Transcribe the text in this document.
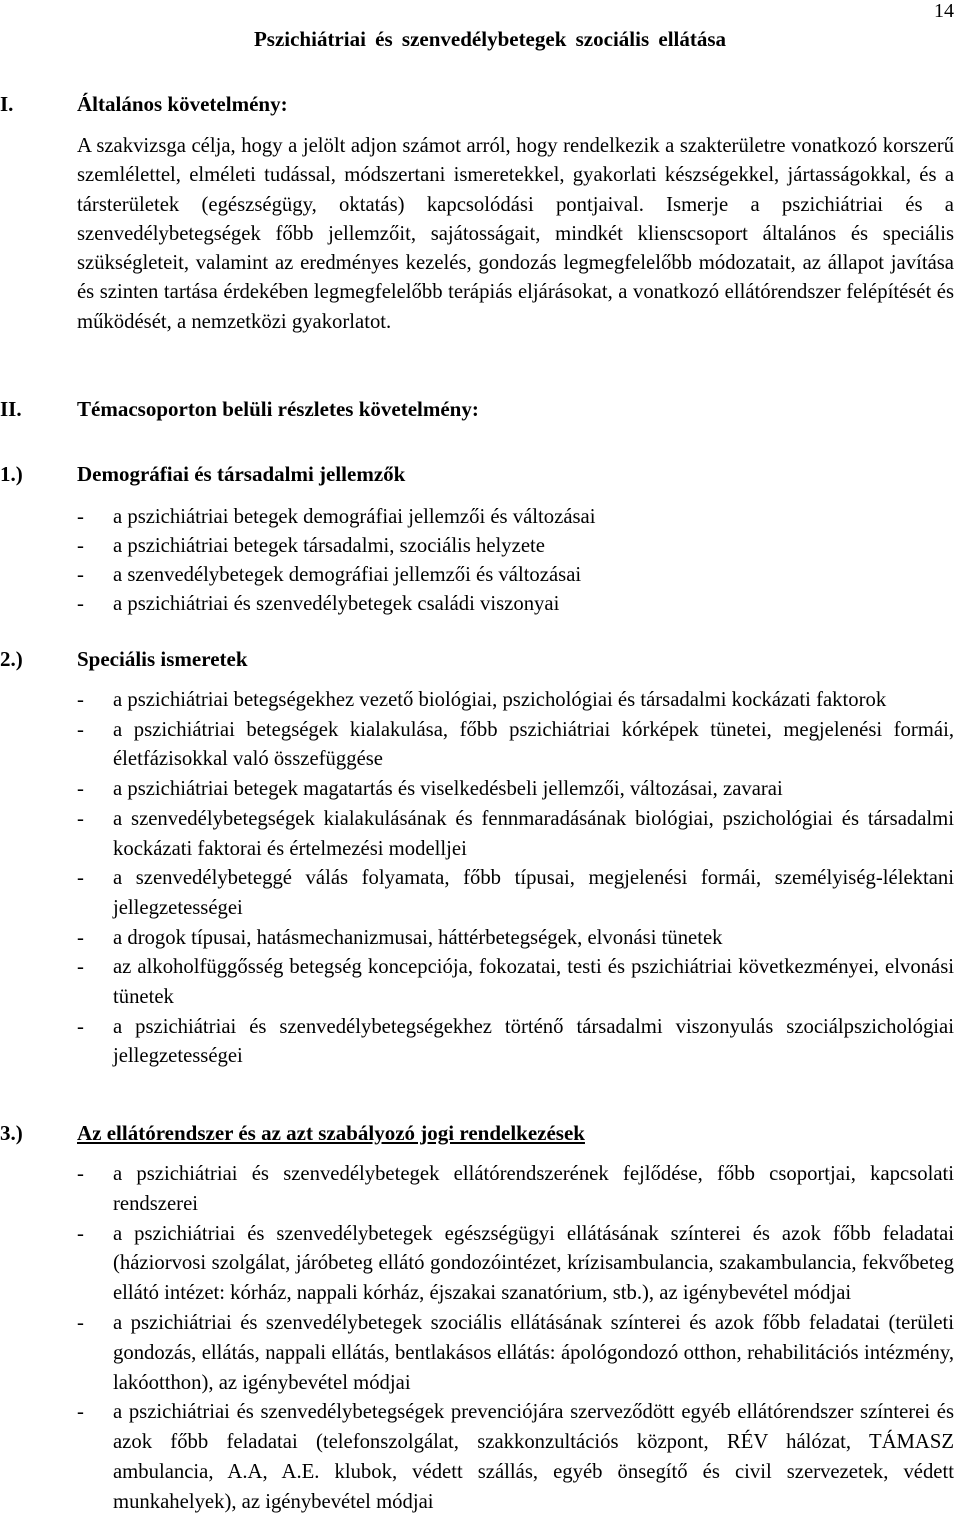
14
Pszichiátriai és szenvedélybetegek szociális ellátása
I.	Általános követelmény:
A szakvizsga célja, hogy a jelölt adjon számot arról, hogy rendelkezik a szakterületre vonatkozó korszerű szemlélettel, elméleti tudással, módszertani ismeretekkel, gyakorlati készségekkel, jártasságokkal, és a társterületek (egészségügy, oktatás) kapcsolódási pontjaival. Ismerje a pszichiátriai és a szenvedélybetegségek főbb jellemzőit, sajátosságait, mindkét klienscsoport általános és speciális szükségleteit, valamint az eredményes kezelés, gondozás legmegfelelőbb módozatait, az állapot javítása és szinten tartása érdekében legmegfelelőbb terápiás eljárásokat, a vonatkozó ellátórendszer felépítését és működését, a nemzetközi gyakorlatot.
II.	Témacsoporton belüli részletes követelmény:
1.)	Demográfiai és társadalmi jellemzők
- a pszichiátriai betegek demográfiai jellemzői és változásai
- a pszichiátriai betegek társadalmi, szociális helyzete
- a szenvedélybetegek demográfiai jellemzői és változásai
- a pszichiátriai és szenvedélybetegek családi viszonyai
2.)	Speciális ismeretek
- a pszichiátriai betegségekhez vezető biológiai, pszichológiai és társadalmi kockázati faktorok
- a pszichiátriai betegségek kialakulása, főbb pszichiátriai kórképek tünetei, megjelenési formái, életfázisokkal való összefüggése
- a pszichiátriai betegek magatartás és viselkedésbeli jellemzői, változásai, zavarai
- a szenvedélybetegségek kialakulásának és fennmaradásának biológiai, pszichológiai és társadalmi kockázati faktorai és értelmezési modelljei
- a szenvedélybeteggé válás folyamata, főbb típusai, megjelenési formái, személyiség-lélektani jellegzetességei
- a drogok típusai, hatásmechanizmusai, háttérbetegségek, elvonási tünetek
- az alkoholfüggősség betegség koncepciója, fokozatai, testi és pszichiátriai következményei, elvonási tünetek
- a pszichiátriai és szenvedélybetegségekhez történő társadalmi viszonyulás szociálpszichológiai jellegzetességei
3.)	Az ellátórendszer és az azt szabályozó jogi rendelkezések
- a pszichiátriai és szenvedélybetegek ellátórendszerének fejlődése, főbb csoportjai, kapcsolati rendszerei
- a pszichiátriai és szenvedélybetegek egészségügyi ellátásának színterei és azok főbb feladatai (háziorvosi szolgálat, járóbeteg ellátó gondozóintézet, krízisambulancia, szakambulancia, fekvőbeteg ellátó intézet: kórház, nappali kórház, éjszakai szanatórium, stb.), az igénybevétel módjai
- a pszichiátriai és szenvedélybetegek szociális ellátásának színterei és azok főbb feladatai (területi gondozás, ellátás, nappali ellátás, bentlakásos ellátás: ápológondozó otthon, rehabilitációs intézmény, lakóotthon), az igénybevétel módjai
- a pszichiátriai és szenvedélybetegségek prevenciójára szerveződött egyéb ellátórendszer színterei és azok főbb feladatai (telefonszolgálat, szakkonzultációs központ, RÉV hálózat, TÁMASZ ambulancia, A.A, A.E. klubok, védett szállás, egyéb önsegítő és civil szervezetek, védett munkahelyek), az igénybevétel módjai
